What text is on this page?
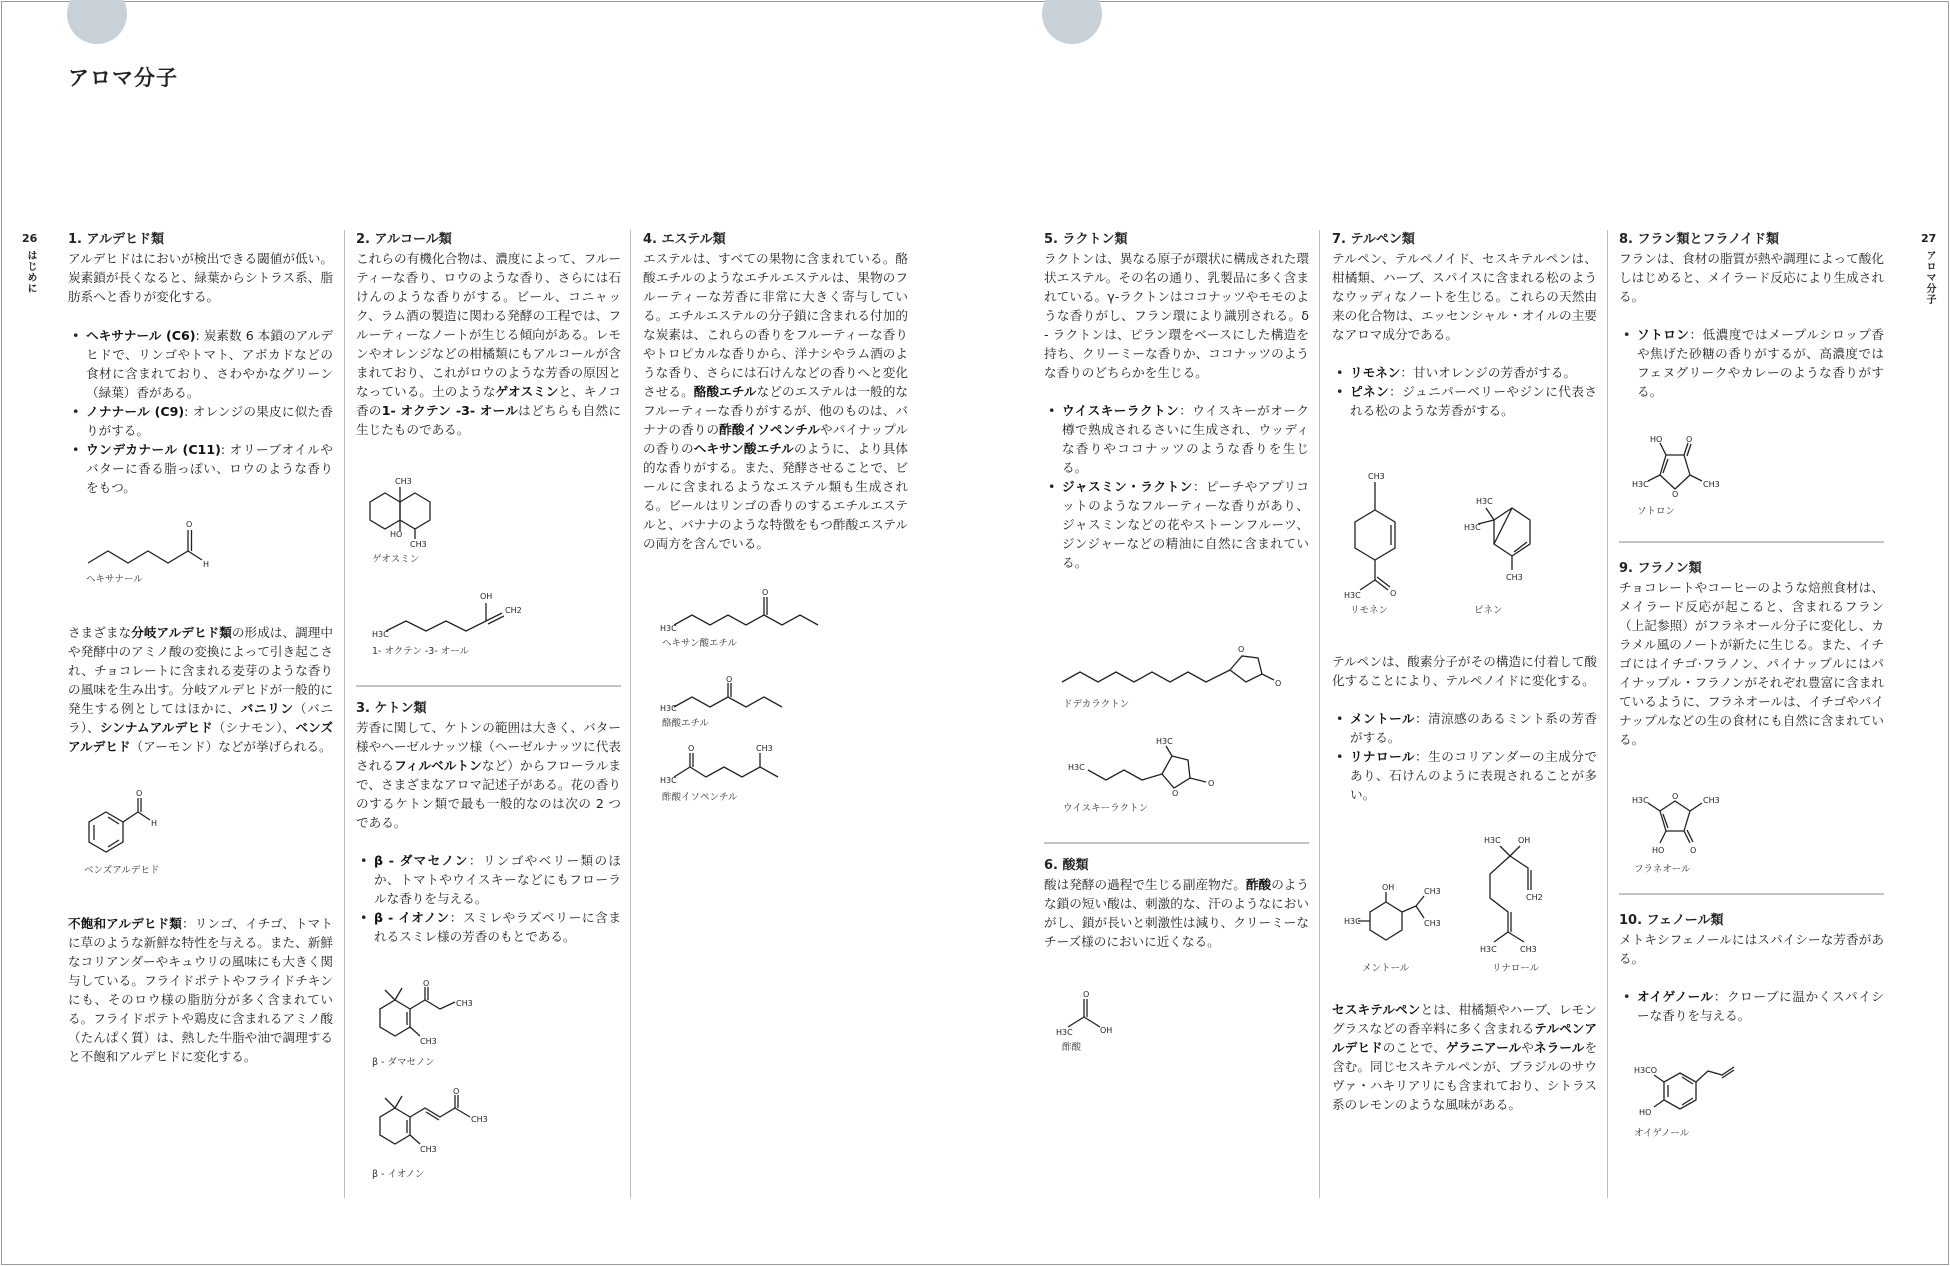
アロマ分子
26
はじめに
27
アロマ分子
1. アルデヒド類

アルデヒドはにおいが検出できる閾値が低い。炭素鎖が長くなると、緑葉からシトラス系、脂肪系へと香りが変化する。

• ヘキサナール (C6): 炭素数 6 本鎖のアルデヒドで、リンゴやトマト、アボカドなどの食材に含まれており、さわやかなグリーン（緑葉）香がある。
• ノナナール (C9): オレンジの果皮に似た香りがする。
• ウンデカナール (C11): オリーブオイルやバターに香る脂っぽい、ロウのような香りをもつ。
O
H
ヘキサナール

さまざまな分岐アルデヒド類の形成は、調理中や発酵中のアミノ酸の変換によって引き起こされ、チョコレートに含まれる麦芽のような香りの風味を生み出す。分岐アルデヒドが一般的に発生する例としてはほかに、バニリン（バニラ）、シンナムアルデヒド（シナモン）、ベンズアルデヒド（アーモンド）などが挙げられる。

O
H
ベンズアルデヒド

不飽和アルデヒド類：リンゴ、イチゴ、トマトに草のような新鮮な特性を与える。また、新鮮なコリアンダーやキュウリの風味にも大きく関与している。フライドポテトやフライドチキンにも、そのロウ様の脂肪分が多く含まれている。フライドポテトや鶏皮に含まれるアミノ酸（たんぱく質）は、熱した牛脂や油で調理すると不飽和アルデヒドに変化する。

2. アルコール類

これらの有機化合物は、濃度によって、フルーティーな香り、ロウのような香り、さらには石けんのような香りがする。ビール、コニャック、ラム酒の製造に関わる発酵の工程では、フルーティーなノートが生じる傾向がある。レモンやオレンジなどの柑橘類にもアルコールが含まれており、これがロウのような芳香の原因となっている。土のようなゲオスミンと、キノコ香の1- オクテン -3- オールはどちらも自然に生じたものである。

CH3
HO
CH3
ゲオスミン
OH
CH2
H3C
1- オクテン -3- オール
3. ケトン類

芳香に関して、ケトンの範囲は大きく、バター様やヘーゼルナッツ様（ヘーゼルナッツに代表されるフィルベルトンなど）からフローラルまで、さまざまなアロマ記述子がある。花の香りのするケトン類で最も一般的なのは次の 2 つである。

• β - ダマセノン：リンゴやベリー類のほか、トマトやウイスキーなどにもフローラルな香りを与える。
• β - イオノン：スミレやラズベリーに含まれるスミレ様の芳香のもとである。
O
CH3
CH3
β - ダマセノン
O
CH3
CH3
β - イオノン
4. エステル類

エステルは、すべての果物に含まれている。酪酸エチルのようなエチルエステルは、果物のフルーティーな芳香に非常に大きく寄与している。エチルエステルの分子鎖に含まれる付加的な炭素は、これらの香りをフルーティーな香りやトロピカルな香りから、洋ナシやラム酒のような香り、さらには石けんなどの香りへと変化させる。酪酸エチルなどのエステルは一般的なフルーティーな香りがするが、他のものは、バナナの香りの酢酸イソペンチルやパイナップルの香りのヘキサン酸エチルのように、より具体的な香りがする。また、発酵させることで、ビールに含まれるようなエステル類も生成される。ビールはリンゴの香りのするエチルエステルと、バナナのような特徴をもつ酢酸エステルの両方を含んでいる。

O
H3C
ヘキサン酸エチル
O
H3C
酪酸エチル
O
H3C
CH3
酢酸イソペンチル
5. ラクトン類

ラクトンは、異なる原子が環状に構成された環状エステル。その名の通り、乳製品に多く含まれている。γ-ラクトンはココナッツやモモのような香りがし、フラン環により識別される。δ - ラクトンは、ピラン環をベースにした構造を持ち、クリーミーな香りか、ココナッツのような香りのどちらかを生じる。

• ウイスキーラクトン：ウイスキーがオーク樽で熟成されるさいに生成され、ウッディな香りやココナッツのような香りを生じる。
• ジャスミン・ラクトン：ピーチやアプリコットのようなフルーティーな香りがあり、ジャスミンなどの花やストーンフルーツ、ジンジャーなどの精油に自然に含まれている。
O
O
ドデカラクトン
H3C
H3C
O
O
ウイスキーラクトン
6. 酸類

酸は発酵の過程で生じる副産物だ。酢酸のような鎖の短い酸は、刺激的な、汗のようなにおいがし、鎖が長いと刺激性は減り、クリーミーなチーズ様のにおいに近くなる。

O
H3C	OH
酢酸
7. テルペン類

テルペン、テルペノイド、セスキテルペンは、柑橘類、ハーブ、スパイスに含まれる松のようなウッディなノートを生じる。これらの天然由来の化合物は、エッセンシャル・オイルの主要なアロマ成分である。

• リモネン：甘いオレンジの芳香がする。
• ピネン：ジュニパーベリーやジンに代表される松のような芳香がする。
CH3
H3C	O
H3C
H3C
CH3
リモネン	ピネン

テルペンは、酸素分子がその構造に付着して酸化することにより、テルペノイドに変化する。

• メントール：清涼感のあるミント系の芳香がする。
• リナロール：生のコリアンダーの主成分であり、石けんのように表現されることが多い。
OH
H3C
CH3
CH3
H3C OH
CH2
H3C	CH3
メントール	リナロール

セスキテルペンとは、柑橘類やハーブ、レモングラスなどの香辛料に多く含まれるテルペンアルデヒドのことで、ゲラニアールやネラールを含む。同じセスキテルペンが、ブラジルのサウヴァ・ハキリアリにも含まれており、シトラス系のレモンのような風味がある。

8. フラン類とフラノイド類

フランは、食材の脂質が熱や調理によって酸化しはじめると、メイラード反応により生成される。

• ソトロン：低濃度ではメープルシロップ香や焦げた砂糖の香りがするが、高濃度ではフェヌグリークやカレーのような香りがする。
HO	O
H3C
O
CH3
ソトロン
9. フラノン類

チョコレートやコーヒーのような焙煎食材は、メイラード反応が起こると、含まれるフラン（上記参照）がフラネオール分子に変化し、カラメル風のノートが新たに生じる。また、イチゴにはイチゴ·フラノン、パイナップルにはパイナップル・フラノンがそれぞれ豊富に含まれているように、フラネオールは、イチゴやパイナップルなどの生の食材にも自然に含まれている。

H3C	O	CH3
HO	O
フラネオール
10. フェノール類

メトキシフェノールにはスパイシーな芳香がある。

• オイゲノール：クローブに温かくスパイシーな香りを与える。
H3CO
HO
オイゲノール
